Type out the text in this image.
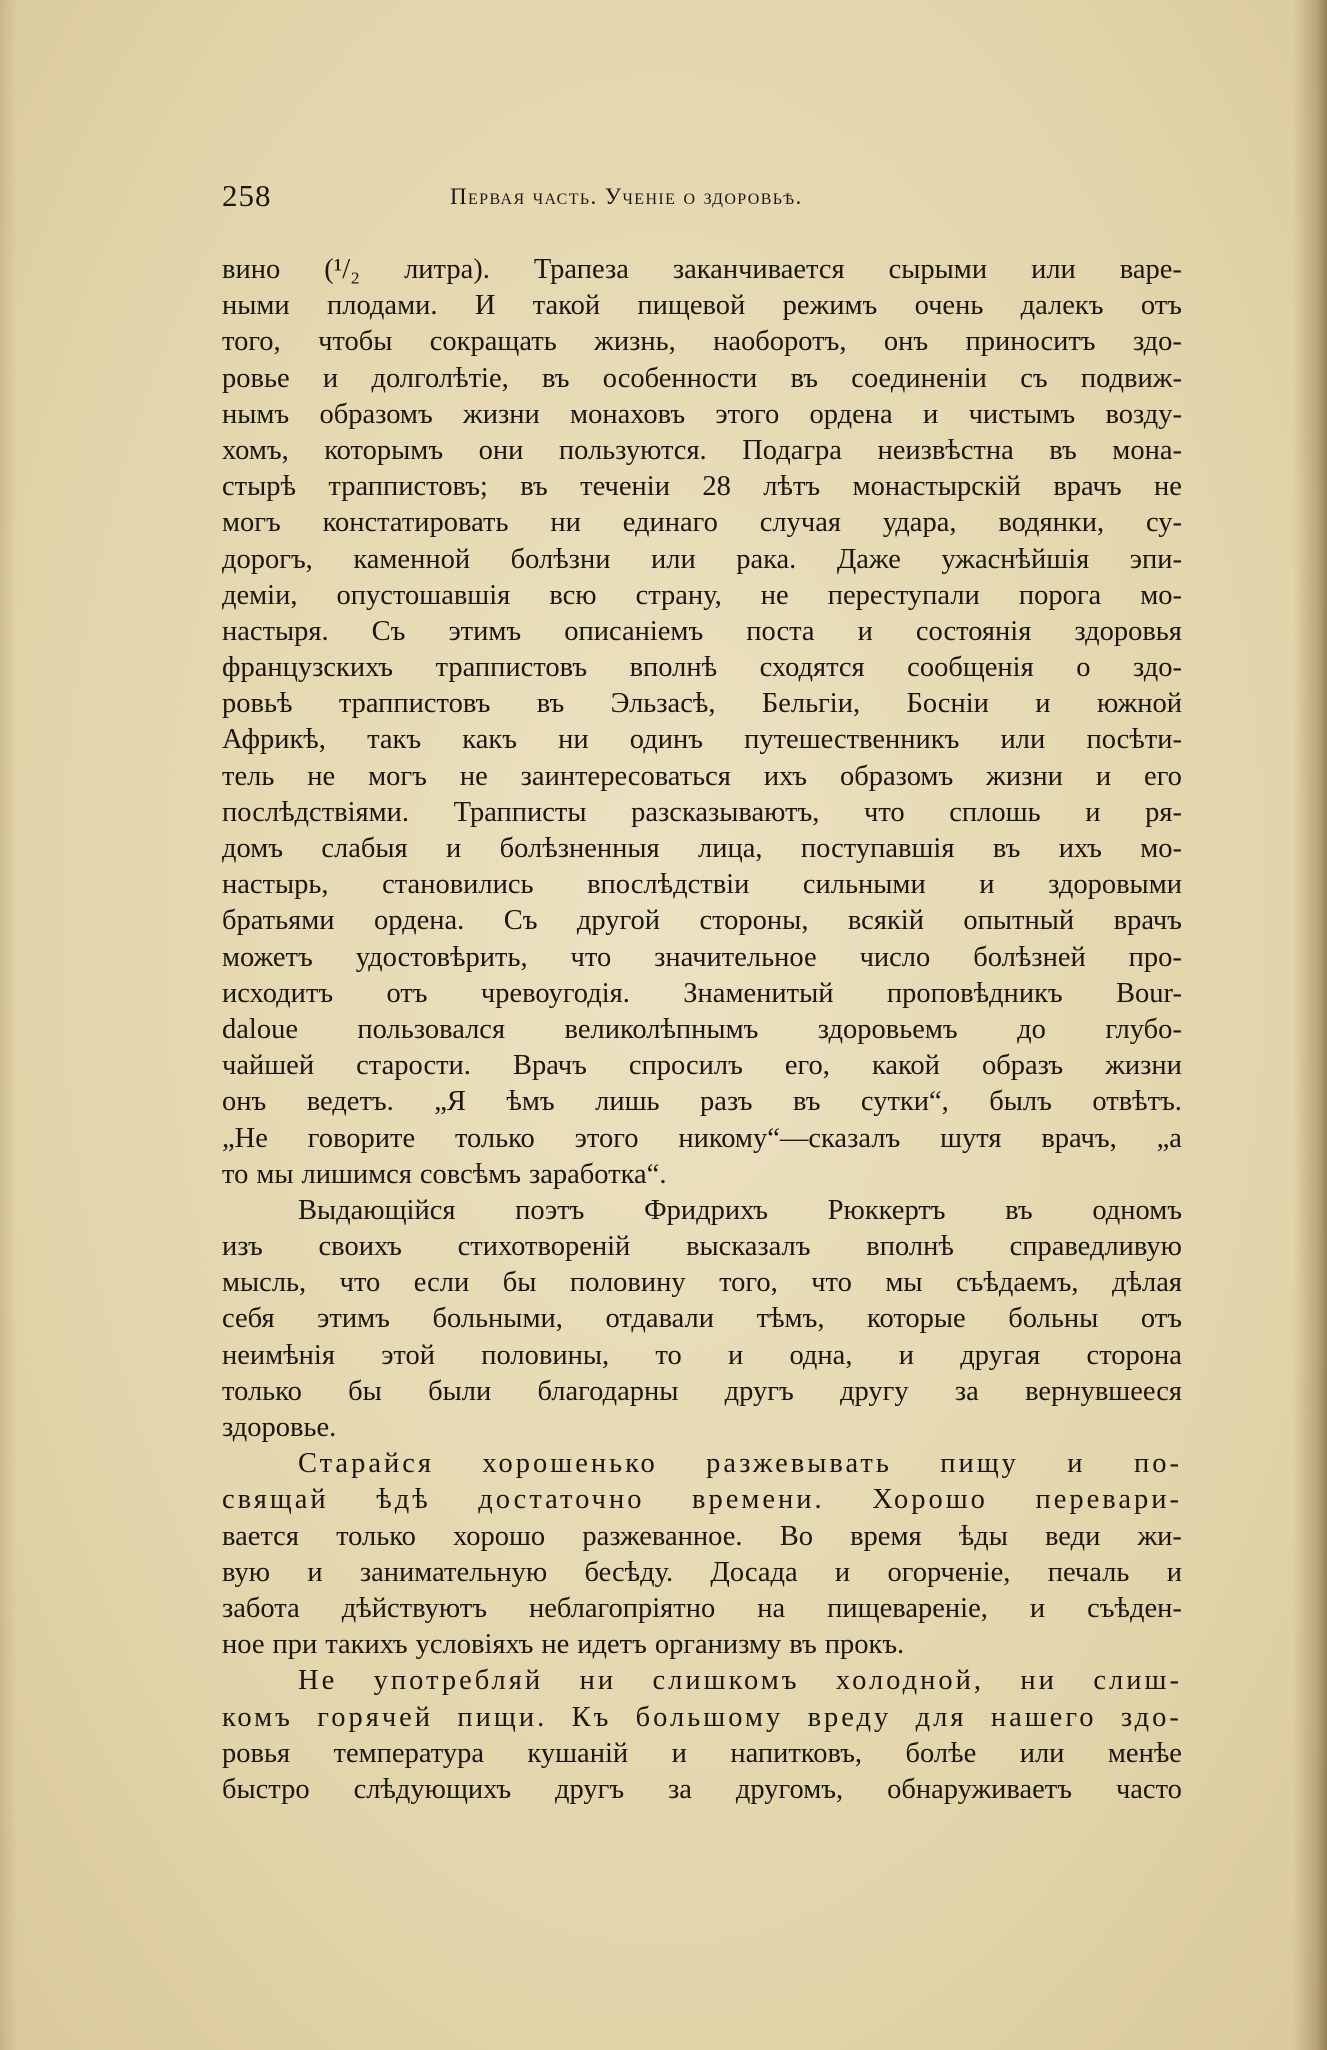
258	Первая часть. Ученіе о здоровьѣ.
вино (¹/₂ литра). Трапеза заканчивается сырыми или варе-
ными плодами. И такой пищевой режимъ очень далекъ отъ
того, чтобы сокращать жизнь, наоборотъ, онъ приноситъ здо-
ровье и долголѣтіе, въ особенности въ соединеніи съ подвиж-
нымъ образомъ жизни монаховъ этого ордена и чистымъ возду-
хомъ, которымъ они пользуются. Подагра неизвѣстна въ мона-
стырѣ траппистовъ; въ теченіи 28 лѣтъ монастырскій врачъ не
могъ констатировать ни единаго случая удара, водянки, су-
дорогъ, каменной болѣзни или рака. Даже ужаснѣйшія эпи-
деміи, опустошавшія всю страну, не переступали порога мо-
настыря. Съ этимъ описаніемъ поста и состоянія здоровья
французскихъ траппистовъ вполнѣ сходятся сообщенія о здо-
ровьѣ траппистовъ въ Эльзасѣ, Бельгіи, Босніи и южной
Африкѣ, такъ какъ ни одинъ путешественникъ или посѣти-
тель не могъ не заинтересоваться ихъ образомъ жизни и его
послѣдствіями. Трапписты разсказываютъ, что сплошь и ря-
домъ слабыя и болѣзненныя лица, поступавшія въ ихъ мо-
настырь, становились впослѣдствіи сильными и здоровыми
братьями ордена. Съ другой стороны, всякій опытный врачъ
можетъ удостовѣрить, что значительное число болѣзней про-
исходитъ отъ чревоугодія. Знаменитый проповѣдникъ Bour-
daloue пользовался великолѣпнымъ здоровьемъ до глубо-
чайшей старости. Врачъ спросилъ его, какой образъ жизни
онъ ведетъ. „Я ѣмъ лишь разъ въ сутки“, былъ отвѣтъ.
„Не говорите только этого никому“—сказалъ шутя врачъ, „а
то мы лишимся совсѣмъ заработка“.
Выдающійся поэтъ Фридрихъ Рюккертъ въ одномъ
изъ своихъ стихотвореній высказалъ вполнѣ справедливую
мысль, что если бы половину того, что мы съѣдаемъ, дѣлая
себя этимъ больными, отдавали тѣмъ, которые больны отъ
неимѣнія этой половины, то и одна, и другая сторона
только бы были благодарны другъ другу за вернувшееся
здоровье.
Старайся хорошенько разжевывать пищу и по-
свящай ѣдѣ достаточно времени. Хорошо перевари-
вается только хорошо разжеванное. Во время ѣды веди жи-
вую и занимательную бесѣду. Досада и огорченіе, печаль и
забота дѣйствуютъ неблагопріятно на пищевареніе, и съѣден-
ное при такихъ условіяхъ не идетъ организму въ прокъ.
Не употребляй ни слишкомъ холодной, ни слиш-
комъ горячей пищи. Къ большому вреду для нашего здо-
ровья температура кушаній и напитковъ, болѣе или менѣе
быстро слѣдующихъ другъ за другомъ, обнаруживаетъ часто
